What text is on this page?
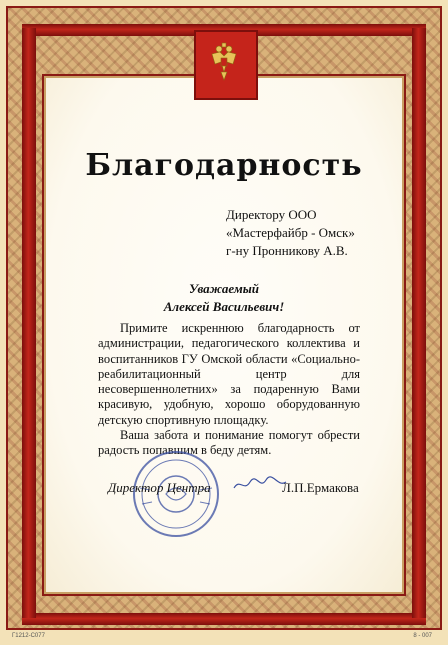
Благодарность
Директору ООО
«Мастерфайбр - Омск»
г-ну Пронникову А.В.
Уважаемый
Алексей Васильевич!

Примите искреннюю благодарность от администрации, педагогического коллектива и воспитанников ГУ Омской области «Социально-реабилитационный центр для несовершеннолетних» за подаренную Вами красивую, удобную, хорошо оборудованную детскую спортивную площадку.

Ваша забота и понимание помогут обрести радость попавшим в беду детям.

Директор Центра	Л.П.Ермакова
Г1212-С077	8 - 007
